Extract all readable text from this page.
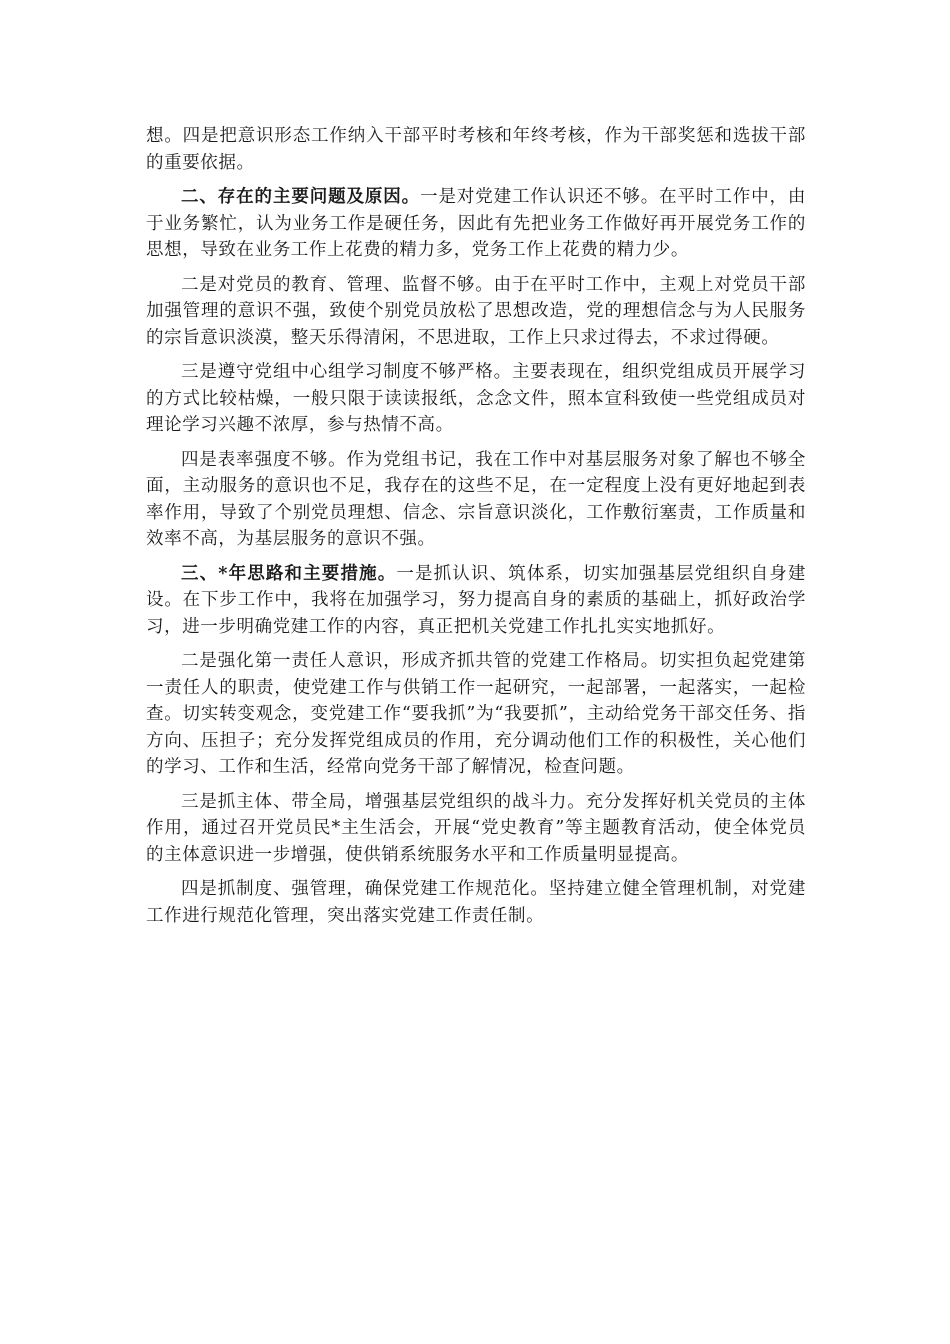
想。四是把意识形态工作纳入干部平时考核和年终考核，作为干部奖惩和选拔干部的重要依据。

二、存在的主要问题及原因。一是对党建工作认识还不够。在平时工作中，由于业务繁忙，认为业务工作是硬任务，因此有先把业务工作做好再开展党务工作的思想，导致在业务工作上花费的精力多，党务工作上花费的精力少。

二是对党员的教育、管理、监督不够。由于在平时工作中，主观上对党员干部加强管理的意识不强，致使个别党员放松了思想改造，党的理想信念与为人民服务的宗旨意识淡漠，整天乐得清闲，不思进取，工作上只求过得去，不求过得硬。

三是遵守党组中心组学习制度不够严格。主要表现在，组织党组成员开展学习的方式比较枯燥，一般只限于读读报纸，念念文件，照本宣科致使一些党组成员对理论学习兴趣不浓厚，参与热情不高。

四是表率强度不够。作为党组书记，我在工作中对基层服务对象了解也不够全面，主动服务的意识也不足，我存在的这些不足，在一定程度上没有更好地起到表率作用，导致了个别党员理想、信念、宗旨意识淡化，工作敷衍塞责，工作质量和效率不高，为基层服务的意识不强。

三、*年思路和主要措施。一是抓认识、筑体系，切实加强基层党组织自身建设。在下步工作中，我将在加强学习，努力提高自身的素质的基础上，抓好政治学习，进一步明确党建工作的内容，真正把机关党建工作扎扎实实地抓好。

二是强化第一责任人意识，形成齐抓共管的党建工作格局。切实担负起党建第一责任人的职责，使党建工作与供销工作一起研究，一起部署，一起落实，一起检查。切实转变观念，变党建工作“要我抓”为“我要抓”，主动给党务干部交任务、指方向、压担子；充分发挥党组成员的作用，充分调动他们工作的积极性，关心他们的学习、工作和生活，经常向党务干部了解情况，检查问题。

三是抓主体、带全局，增强基层党组织的战斗力。充分发挥好机关党员的主体作用，通过召开党员民*主生活会，开展“党史教育”等主题教育活动，使全体党员的主体意识进一步增强，使供销系统服务水平和工作质量明显提高。

四是抓制度、强管理，确保党建工作规范化。坚持建立健全管理机制，对党建工作进行规范化管理，突出落实党建工作责任制。
